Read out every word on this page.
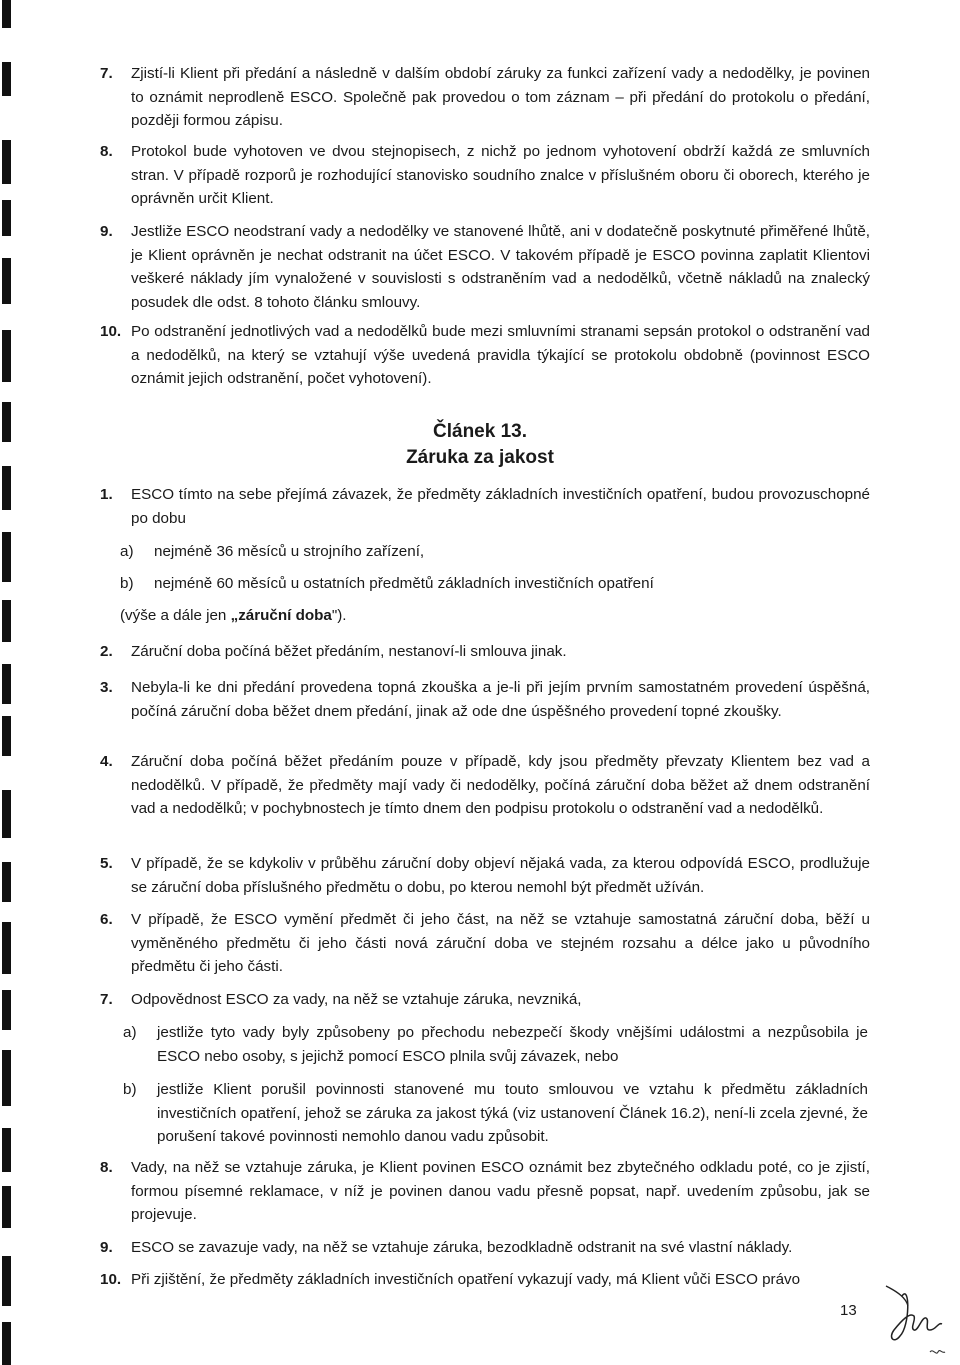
7. Zjistí-li Klient při předání a následně v dalším období záruky za funkci zařízení vady a nedodělky, je povinen to oznámit neprodleně ESCO. Společně pak provedou o tom záznam – při předání do protokolu o předání, později formou zápisu.
8. Protokol bude vyhotoven ve dvou stejnopisech, z nichž po jednom vyhotovení obdrží každá ze smluvních stran. V případě rozporů je rozhodující stanovisko soudního znalce v příslušném oboru či oborech, kterého je oprávněn určit Klient.
9. Jestliže ESCO neodstraní vady a nedodělky ve stanovené lhůtě, ani v dodatečně poskytnuté přiměřené lhůtě, je Klient oprávněn je nechat odstranit na účet ESCO. V takovém případě je ESCO povinna zaplatit Klientovi veškeré náklady jím vynaložené v souvislosti s odstraněním vad a nedodělků, včetně nákladů na znalecký posudek dle odst. 8 tohoto článku smlouvy.
10. Po odstranění jednotlivých vad a nedodělků bude mezi smluvními stranami sepsán protokol o odstranění vad a nedodělků, na který se vztahují výše uvedená pravidla týkající se protokolu obdobně (povinnost ESCO oznámit jejich odstranění, počet vyhotovení).
Článek 13.
Záruka za jakost
1. ESCO tímto na sebe přejímá závazek, že předměty základních investičních opatření, budou provozuschopné po dobu
a) nejméně 36 měsíců u strojního zařízení,
b) nejméně 60 měsíců u ostatních předmětů základních investičních opatření
(výše a dále jen „záruční doba").
2. Záruční doba počíná běžet předáním, nestanoví-li smlouva jinak.
3. Nebyla-li ke dni předání provedena topná zkouška a je-li při jejím prvním samostatném provedení úspěšná, počíná záruční doba běžet dnem předání, jinak až ode dne úspěšného provedení topné zkoušky.
4. Záruční doba počíná běžet předáním pouze v případě, kdy jsou předměty převzaty Klientem bez vad a nedodělků. V případě, že předměty mají vady či nedodělky, počíná záruční doba běžet až dnem odstranění vad a nedodělků; v pochybnostech je tímto dnem den podpisu protokolu o odstranění vad a nedodělků.
5. V případě, že se kdykoliv v průběhu záruční doby objeví nějaká vada, za kterou odpovídá ESCO, prodlužuje se záruční doba příslušného předmětu o dobu, po kterou nemohl být předmět užíván.
6. V případě, že ESCO vymění předmět či jeho část, na něž se vztahuje samostatná záruční doba, běží u vyměněného předmětu či jeho části nová záruční doba ve stejném rozsahu a délce jako u původního předmětu či jeho části.
7. Odpovědnost ESCO za vady, na něž se vztahuje záruka, nevzniká,
a) jestliže tyto vady byly způsobeny po přechodu nebezpečí škody vnějšími událostmi a nezpůsobila je ESCO nebo osoby, s jejichž pomocí ESCO plnila svůj závazek, nebo
b) jestliže Klient porušil povinnosti stanovené mu touto smlouvou ve vztahu k předmětu základních investičních opatření, jehož se záruka za jakost týká (viz ustanovení Článek 16.2), není-li zcela zjevné, že porušení takové povinnosti nemohlo danou vadu způsobit.
8. Vady, na něž se vztahuje záruka, je Klient povinen ESCO oznámit bez zbytečného odkladu poté, co je zjistí, formou písemné reklamace, v níž je povinen danou vadu přesně popsat, např. uvedením způsobu, jak se projevuje.
9. ESCO se zavazuje vady, na něž se vztahuje záruka, bezodkladně odstranit na své vlastní náklady.
10. Při zjištění, že předměty základních investičních opatření vykazují vady, má Klient vůči ESCO právo
13
